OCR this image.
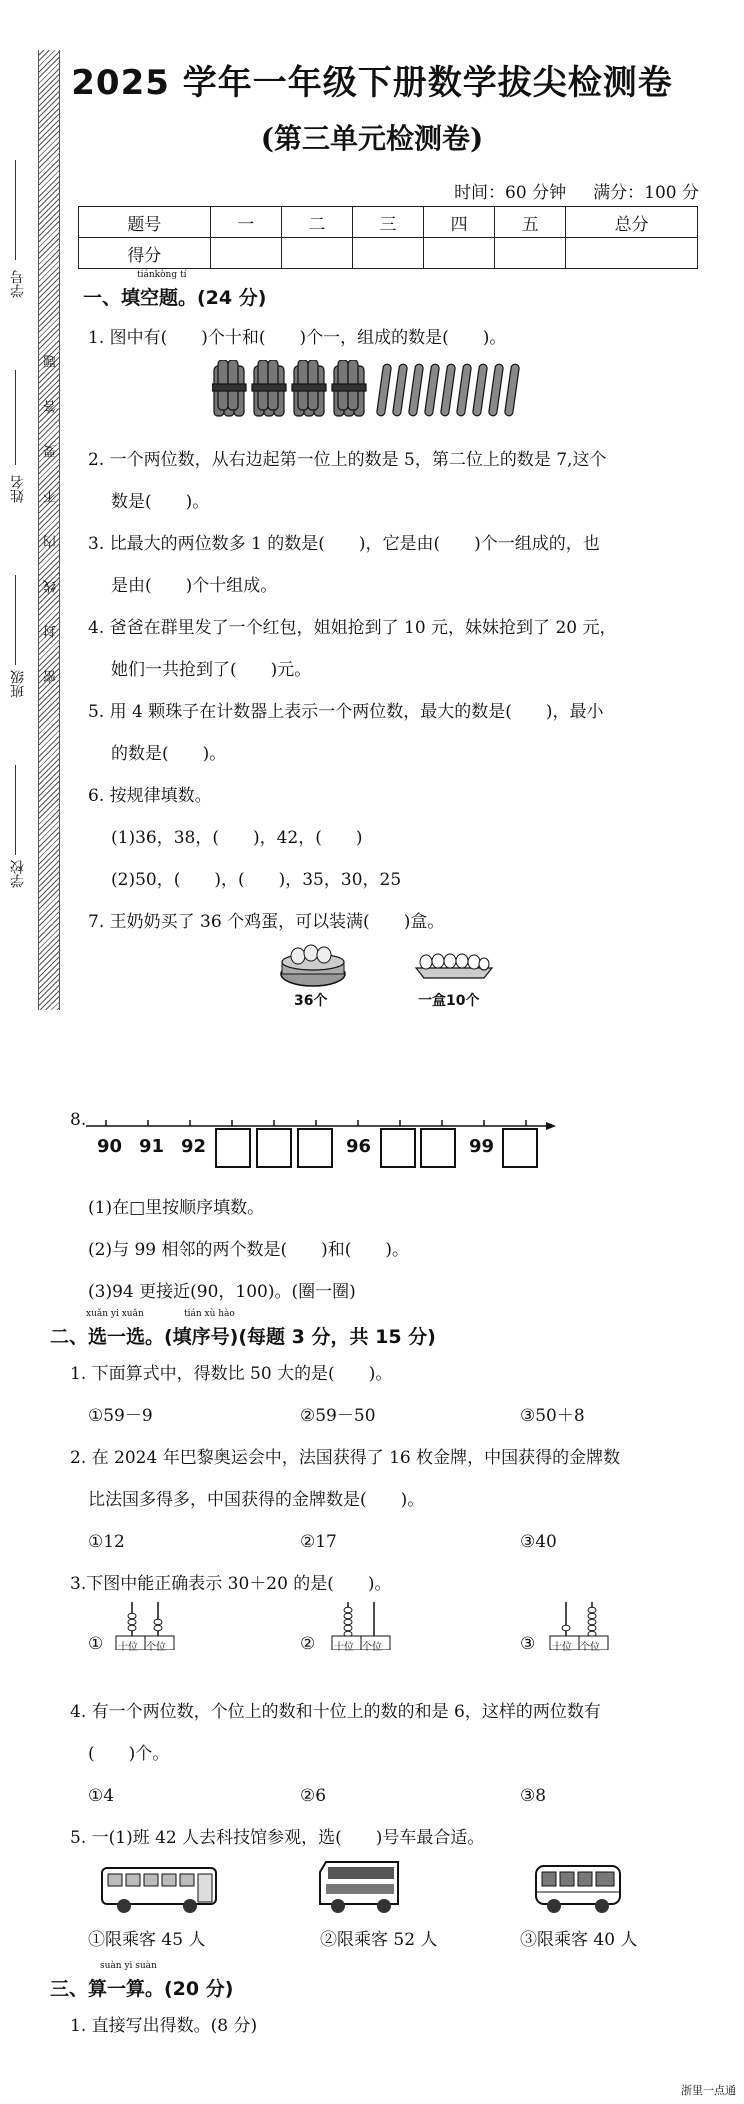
学号
姓名
班级
学校
题
答
要
不
内
线
封
密
2025 学年一年级下册数学拔尖检测卷
(第三单元检测卷)
时间：60 分钟 满分：100 分
题号	一	二	三	四	五	总分
得分						
tiánkòng tí
一、填空题。(24 分)
1. 图中有(　　)个十和(　　)个一，组成的数是(　　)。
2. 一个两位数，从右边起第一位上的数是 5，第二位上的数是 7,这个
数是(　　)。
3. 比最大的两位数多 1 的数是(　　)，它是由(　　)个一组成的，也
是由(　　)个十组成。
4. 爸爸在群里发了一个红包，姐姐抢到了 10 元，妹妹抢到了 20 元，
她们一共抢到了(　　)元。
5. 用 4 颗珠子在计数器上表示一个两位数，最大的数是(　　)，最小
的数是(　　)。
6. 按规律填数。
(1)36，38，(　　)，42，(　　)
(2)50，(　　)，(　　)，35，30，25
7. 王奶奶买了 36 个鸡蛋，可以装满(　　)盒。
36个	一盒10个
8.
90 91 92	96	99
(1)在□里按顺序填数。
(2)与 99 相邻的两个数是(　　)和(　　)。
(3)94 更接近(90，100)。(圈一圈)
xuǎn yi xuǎn	tián xù hào
二、选一选。(填序号)(每题 3 分，共 15 分)
1. 下面算式中，得数比 50 大的是(　　)。
①59－9	②59－50	③50＋8
2. 在 2024 年巴黎奥运会中，法国获得了 16 枚金牌，中国获得的金牌数
比法国多得多，中国获得的金牌数是(　　)。
①12	②17	③40
3.下图中能正确表示 30＋20 的是(　　)。
① 十位 个位	② 十位 个位	③ 十位 个位
4. 有一个两位数，个位上的数和十位上的数的和是 6，这样的两位数有
(　　)个。
①4	②6	③8
5. 一(1)班 42 人去科技馆参观，选(　　)号车最合适。
①限乘客 45 人	②限乘客 52 人	③限乘客 40 人
suàn yi suàn
三、算一算。(20 分)
1. 直接写出得数。(8 分)
浙里一点通
